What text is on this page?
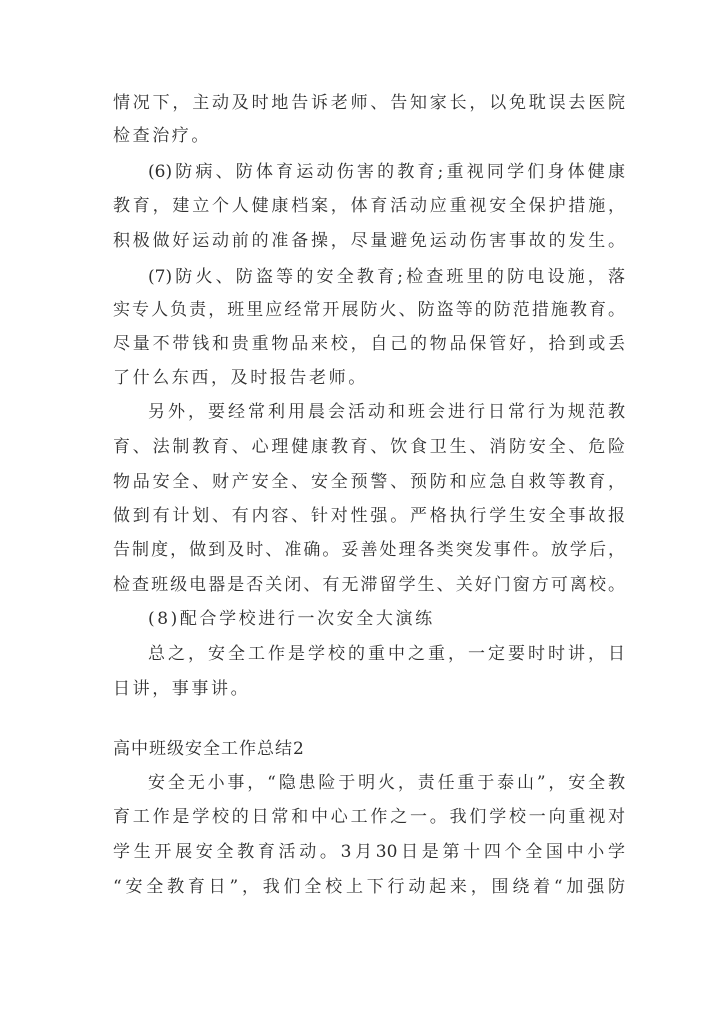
情况下，主动及时地告诉老师、告知家长，以免耽误去医院
检查治疗。
(6)防病、防体育运动伤害的教育;重视同学们身体健康
教育，建立个人健康档案，体育活动应重视安全保护措施，
积极做好运动前的准备操，尽量避免运动伤害事故的发生。
(7)防火、防盗等的安全教育;检查班里的防电设施，落
实专人负责，班里应经常开展防火、防盗等的防范措施教育。
尽量不带钱和贵重物品来校，自己的物品保管好，拾到或丢
了什么东西，及时报告老师。
另外，要经常利用晨会活动和班会进行日常行为规范教
育、法制教育、心理健康教育、饮食卫生、消防安全、危险
物品安全、财产安全、安全预警、预防和应急自救等教育，
做到有计划、有内容、针对性强。严格执行学生安全事故报
告制度，做到及时、准确。妥善处理各类突发事件。放学后，
检查班级电器是否关闭、有无滞留学生、关好门窗方可离校。
(8)配合学校进行一次安全大演练
总之，安全工作是学校的重中之重，一定要时时讲，日
日讲，事事讲。
高中班级安全工作总结2
安全无小事，“隐患险于明火，责任重于泰山”，安全教
育工作是学校的日常和中心工作之一。我们学校一向重视对
学生开展安全教育活动。3月30日是第十四个全国中小学
“安全教育日”，我们全校上下行动起来，围绕着“加强防
